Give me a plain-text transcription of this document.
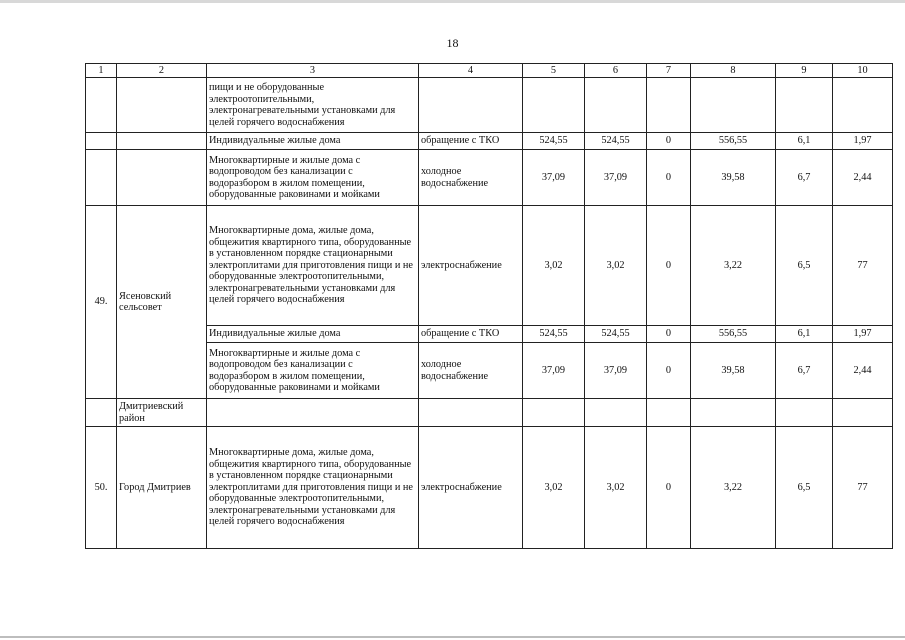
18
1	2	3	4	5	6	7	8	9	10
		пищи и не оборудованные электроотопительными, электронагревательными установками для целей горячего водоснабжения							
		Индивидуальные жилые дома	обращение с ТКО	524,55	524,55	0	556,55	6,1	1,97
		Многоквартирные и жилые дома с водопроводом без канализации с водоразбором в жилом помещении, оборудованные раковинами и мойками	холодное водоснабжение	37,09	37,09	0	39,58	6,7	2,44
49.	Ясеновский сельсовет	Многоквартирные дома, жилые дома, общежития квартирного типа, оборудованные в установленном порядке стационарными электроплитами для приготовления пищи и не оборудованные электроотопительными, электронагревательными установками для целей горячего водоснабжения	электроснабжение	3,02	3,02	0	3,22	6,5	77
		Индивидуальные жилые дома	обращение с ТКО	524,55	524,55	0	556,55	6,1	1,97
		Многоквартирные и жилые дома с водопроводом без канализации с водоразбором в жилом помещении, оборудованные раковинами и мойками	холодное водоснабжение	37,09	37,09	0	39,58	6,7	2,44
	Дмитриевский район								
50.	Город Дмитриев	Многоквартирные дома, жилые дома, общежития квартирного типа, оборудованные в установленном порядке стационарными электроплитами для приготовления пищи и не оборудованные электроотопительными, электронагревательными установками для целей горячего водоснабжения	электроснабжение	3,02	3,02	0	3,22	6,5	77
